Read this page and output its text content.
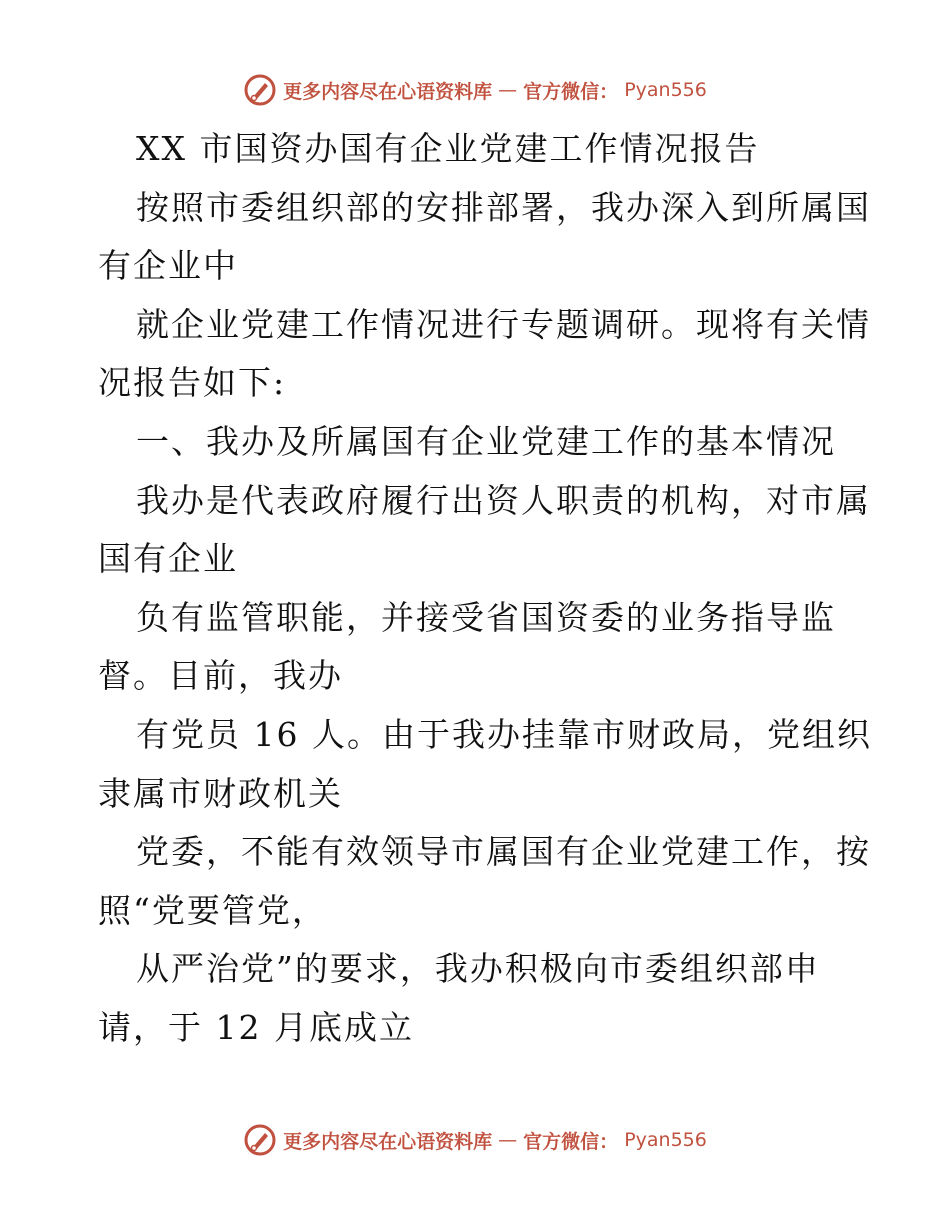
更多内容尽在心语资料库 — 官方微信： Pyan556
XX 市国资办国有企业党建工作情况报告
按照市委组织部的安排部署，我办深入到所属国
有企业中
就企业党建工作情况进行专题调研。现将有关情
况报告如下:
一、我办及所属国有企业党建工作的基本情况
我办是代表政府履行出资人职责的机构，对市属
国有企业
负有监管职能，并接受省国资委的业务指导监
督。目前，我办
有党员 16 人。由于我办挂靠市财政局，党组织
隶属市财政机关
党委，不能有效领导市属国有企业党建工作，按
照“党要管党，
从严治党”的要求，我办积极向市委组织部申
请，于 12 月底成立
更多内容尽在心语资料库 — 官方微信： Pyan556
